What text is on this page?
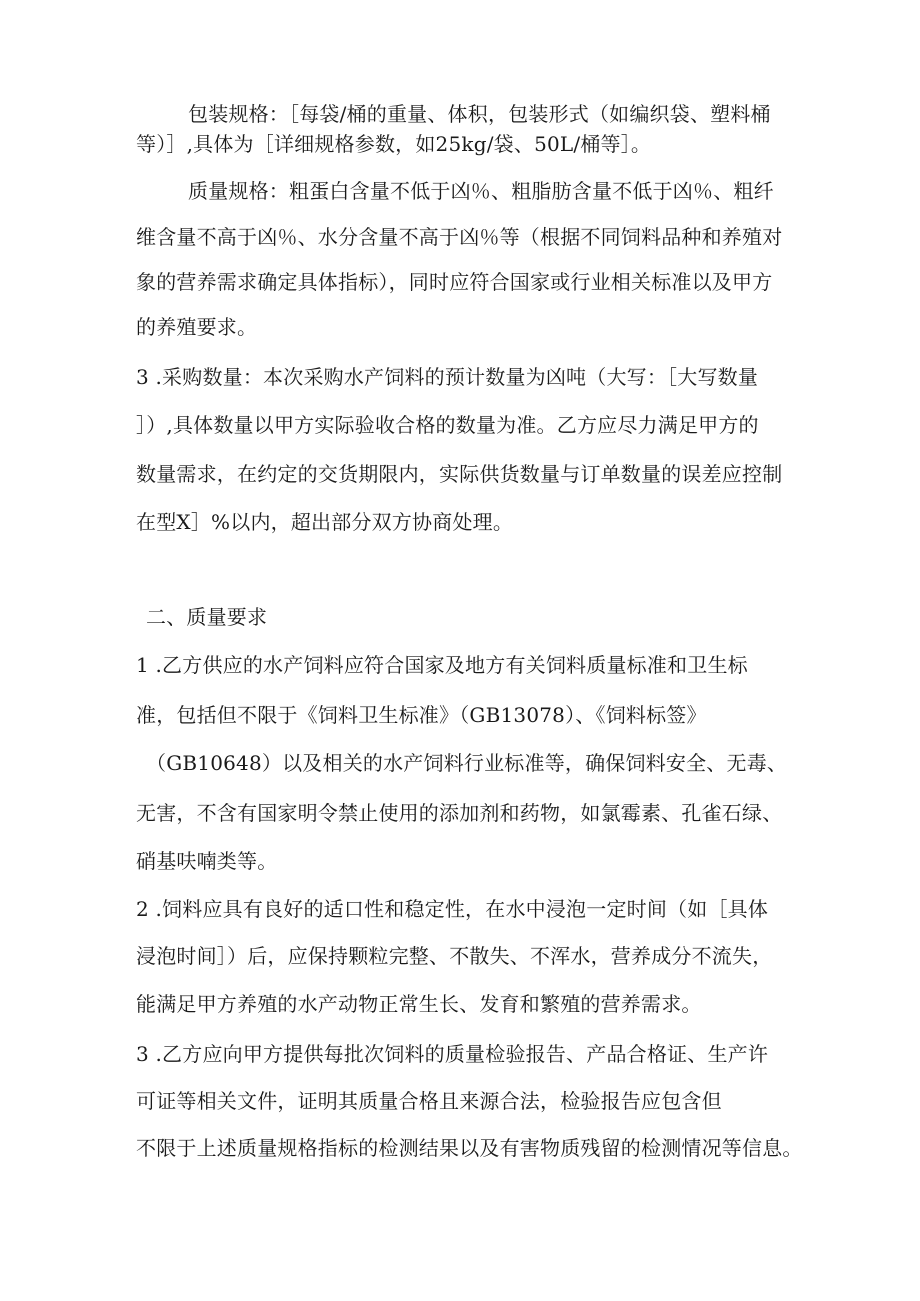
包装规格：［每袋/桶的重量、体积，包装形式（如编织袋、塑料桶
等）］,具体为［详细规格参数，如25kg/袋、50L/桶等］。
质量规格：粗蛋白含量不低于凶％、粗脂肪含量不低于凶％、粗纤
维含量不高于凶％、水分含量不高于凶％等（根据不同饲料品种和养殖对
象的营养需求确定具体指标），同时应符合国家或行业相关标准以及甲方
的养殖要求。
3 .采购数量：本次采购水产饲料的预计数量为凶吨（大写：［大写数量
］）,具体数量以甲方实际验收合格的数量为准。乙方应尽力满足甲方的
数量需求，在约定的交货期限内，实际供货数量与订单数量的误差应控制
在型X］%以内，超出部分双方协商处理。
二、质量要求
1 .乙方供应的水产饲料应符合国家及地方有关饲料质量标准和卫生标
准，包括但不限于《饲料卫生标准》（GB13078）、《饲料标签》
（GB10648）以及相关的水产饲料行业标准等，确保饲料安全、无毒、
无害，不含有国家明令禁止使用的添加剂和药物，如氯霉素、孔雀石绿、
硝基呋喃类等。
2 .饲料应具有良好的适口性和稳定性，在水中浸泡一定时间（如［具体
浸泡时间］）后，应保持颗粒完整、不散失、不浑水，营养成分不流失，
能满足甲方养殖的水产动物正常生长、发育和繁殖的营养需求。
3 .乙方应向甲方提供每批次饲料的质量检验报告、产品合格证、生产许
可证等相关文件，证明其质量合格且来源合法，检验报告应包含但
不限于上述质量规格指标的检测结果以及有害物质残留的检测情况等信息。
